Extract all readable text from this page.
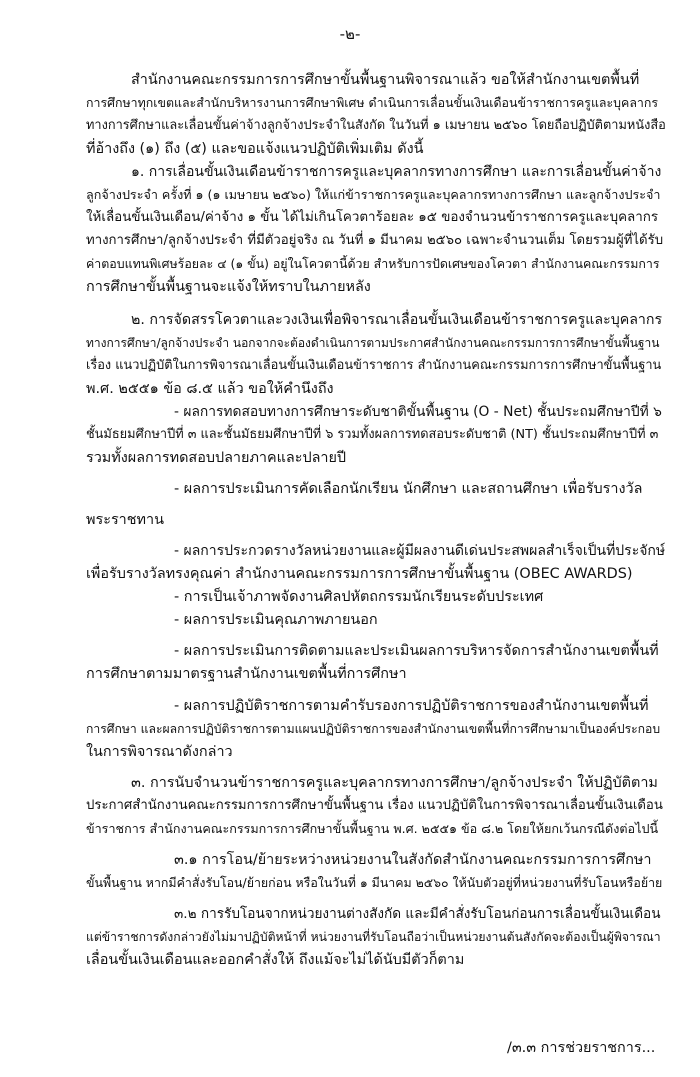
-๒-
สำนักงานคณะกรรมการการศึกษาขั้นพื้นฐานพิจารณาแล้ว ขอให้สำนักงานเขตพื้นที่
การศึกษาทุกเขตและสำนักบริหารงานการศึกษาพิเศษ ดำเนินการเลื่อนขั้นเงินเดือนข้าราชการครูและบุคลากร
ทางการศึกษาและเลื่อนขั้นค่าจ้างลูกจ้างประจำในสังกัด ในวันที่ ๑ เมษายน ๒๕๖๐ โดยถือปฏิบัติตามหนังสือ
ที่อ้างถึง (๑) ถึง (๕) และขอแจ้งแนวปฏิบัติเพิ่มเติม ดังนี้
๑. การเลื่อนขั้นเงินเดือนข้าราชการครูและบุคลากรทางการศึกษา และการเลื่อนขั้นค่าจ้าง
ลูกจ้างประจำ ครั้งที่ ๑ (๑ เมษายน ๒๕๖๐) ให้แก่ข้าราชการครูและบุคลากรทางการศึกษา และลูกจ้างประจำ
ให้เลื่อนขั้นเงินเดือน/ค่าจ้าง ๑ ขั้น ได้ไม่เกินโควตาร้อยละ ๑๕ ของจำนวนข้าราชการครูและบุคลากร
ทางการศึกษา/ลูกจ้างประจำ ที่มีตัวอยู่จริง ณ วันที่ ๑ มีนาคม ๒๕๖๐ เฉพาะจำนวนเต็ม โดยรวมผู้ที่ได้รับ
ค่าตอบแทนพิเศษร้อยละ ๔ (๑ ขั้น) อยู่ในโควตานี้ด้วย สำหรับการปัดเศษของโควตา สำนักงานคณะกรรมการ
การศึกษาขั้นพื้นฐานจะแจ้งให้ทราบในภายหลัง
๒. การจัดสรรโควตาและวงเงินเพื่อพิจารณาเลื่อนขั้นเงินเดือนข้าราชการครูและบุคลากร
ทางการศึกษา/ลูกจ้างประจำ นอกจากจะต้องดำเนินการตามประกาศสำนักงานคณะกรรมการการศึกษาขั้นพื้นฐาน
เรื่อง แนวปฏิบัติในการพิจารณาเลื่อนขั้นเงินเดือนข้าราชการ สำนักงานคณะกรรมการการศึกษาขั้นพื้นฐาน
พ.ศ. ๒๕๕๑ ข้อ ๘.๕ แล้ว ขอให้คำนึงถึง
- ผลการทดสอบทางการศึกษาระดับชาติขั้นพื้นฐาน (O - Net) ชั้นประถมศึกษาปีที่ ๖
ชั้นมัธยมศึกษาปีที่ ๓ และชั้นมัธยมศึกษาปีที่ ๖ รวมทั้งผลการทดสอบระดับชาติ (NT) ชั้นประถมศึกษาปีที่ ๓
รวมทั้งผลการทดสอบปลายภาคและปลายปี
- ผลการประเมินการคัดเลือกนักเรียน นักศึกษา และสถานศึกษา เพื่อรับรางวัล
พระราชทาน
- ผลการประกวดรางวัลหน่วยงานและผู้มีผลงานดีเด่นประสพผลสำเร็จเป็นที่ประจักษ์
เพื่อรับรางวัลทรงคุณค่า สำนักงานคณะกรรมการการศึกษาขั้นพื้นฐาน (OBEC AWARDS)
- การเป็นเจ้าภาพจัดงานศิลปหัตถกรรมนักเรียนระดับประเทศ
- ผลการประเมินคุณภาพภายนอก
- ผลการประเมินการติดตามและประเมินผลการบริหารจัดการสำนักงานเขตพื้นที่
การศึกษาตามมาตรฐานสำนักงานเขตพื้นที่การศึกษา
- ผลการปฏิบัติราชการตามคำรับรองการปฏิบัติราชการของสำนักงานเขตพื้นที่
การศึกษา และผลการปฏิบัติราชการตามแผนปฏิบัติราชการของสำนักงานเขตพื้นที่การศึกษามาเป็นองค์ประกอบ
ในการพิจารณาดังกล่าว
๓. การนับจำนวนข้าราชการครูและบุคลากรทางการศึกษา/ลูกจ้างประจำ ให้ปฏิบัติตาม
ประกาศสำนักงานคณะกรรมการการศึกษาขั้นพื้นฐาน เรื่อง แนวปฏิบัติในการพิจารณาเลื่อนขั้นเงินเดือน
ข้าราชการ สำนักงานคณะกรรมการการศึกษาขั้นพื้นฐาน พ.ศ. ๒๕๕๑ ข้อ ๘.๒ โดยให้ยกเว้นกรณีดังต่อไปนี้
๓.๑ การโอน/ย้ายระหว่างหน่วยงานในสังกัดสำนักงานคณะกรรมการการศึกษา
ขั้นพื้นฐาน หากมีคำสั่งรับโอน/ย้ายก่อน หรือในวันที่ ๑ มีนาคม ๒๕๖๐ ให้นับตัวอยู่ที่หน่วยงานที่รับโอนหรือย้าย
๓.๒ การรับโอนจากหน่วยงานต่างสังกัด และมีคำสั่งรับโอนก่อนการเลื่อนขั้นเงินเดือน
แต่ข้าราชการดังกล่าวยังไม่มาปฏิบัติหน้าที่ หน่วยงานที่รับโอนถือว่าเป็นหน่วยงานต้นสังกัดจะต้องเป็นผู้พิจารณา
เลื่อนขั้นเงินเดือนและออกคำสั่งให้ ถึงแม้จะไม่ได้นับมีตัวก็ตาม
/๓.๓ การช่วยราชการ...
